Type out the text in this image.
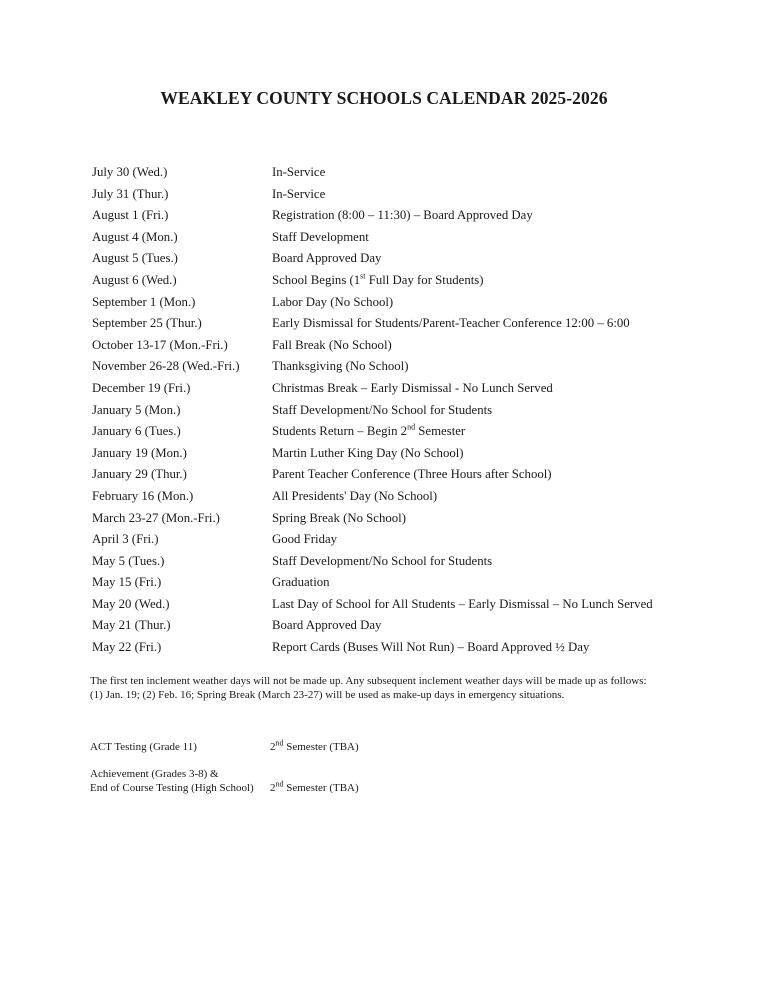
WEAKLEY COUNTY SCHOOLS CALENDAR 2025-2026
July 30 (Wed.)	In-Service
July 31 (Thur.)	In-Service
August 1 (Fri.)	Registration (8:00 – 11:30) – Board Approved Day
August 4 (Mon.)	Staff Development
August 5 (Tues.)	Board Approved Day
August 6 (Wed.)	School Begins (1st Full Day for Students)
September 1 (Mon.)	Labor Day (No School)
September 25 (Thur.)	Early Dismissal for Students/Parent-Teacher Conference 12:00 – 6:00
October 13-17 (Mon.-Fri.)	Fall Break (No School)
November 26-28 (Wed.-Fri.)	Thanksgiving (No School)
December 19 (Fri.)	Christmas Break – Early Dismissal - No Lunch Served
January 5 (Mon.)	Staff Development/No School for Students
January 6 (Tues.)	Students Return – Begin 2nd Semester
January 19 (Mon.)	Martin Luther King Day (No School)
January 29 (Thur.)	Parent Teacher Conference (Three Hours after School)
February 16 (Mon.)	All Presidents' Day (No School)
March 23-27 (Mon.-Fri.)	Spring Break (No School)
April 3 (Fri.)	Good Friday
May 5 (Tues.)	Staff Development/No School for Students
May 15 (Fri.)	Graduation
May 20 (Wed.)	Last Day of School for All Students – Early Dismissal – No Lunch Served
May 21 (Thur.)	Board Approved Day
May 22 (Fri.)	Report Cards (Buses Will Not Run) – Board Approved ½ Day
The first ten inclement weather days will not be made up. Any subsequent inclement weather days will be made up as follows:
(1) Jan. 19; (2) Feb. 16; Spring Break (March 23-27) will be used as make-up days in emergency situations.
ACT Testing (Grade 11)	2nd Semester (TBA)
Achievement (Grades 3-8) &
End of Course Testing (High School)	2nd Semester (TBA)
